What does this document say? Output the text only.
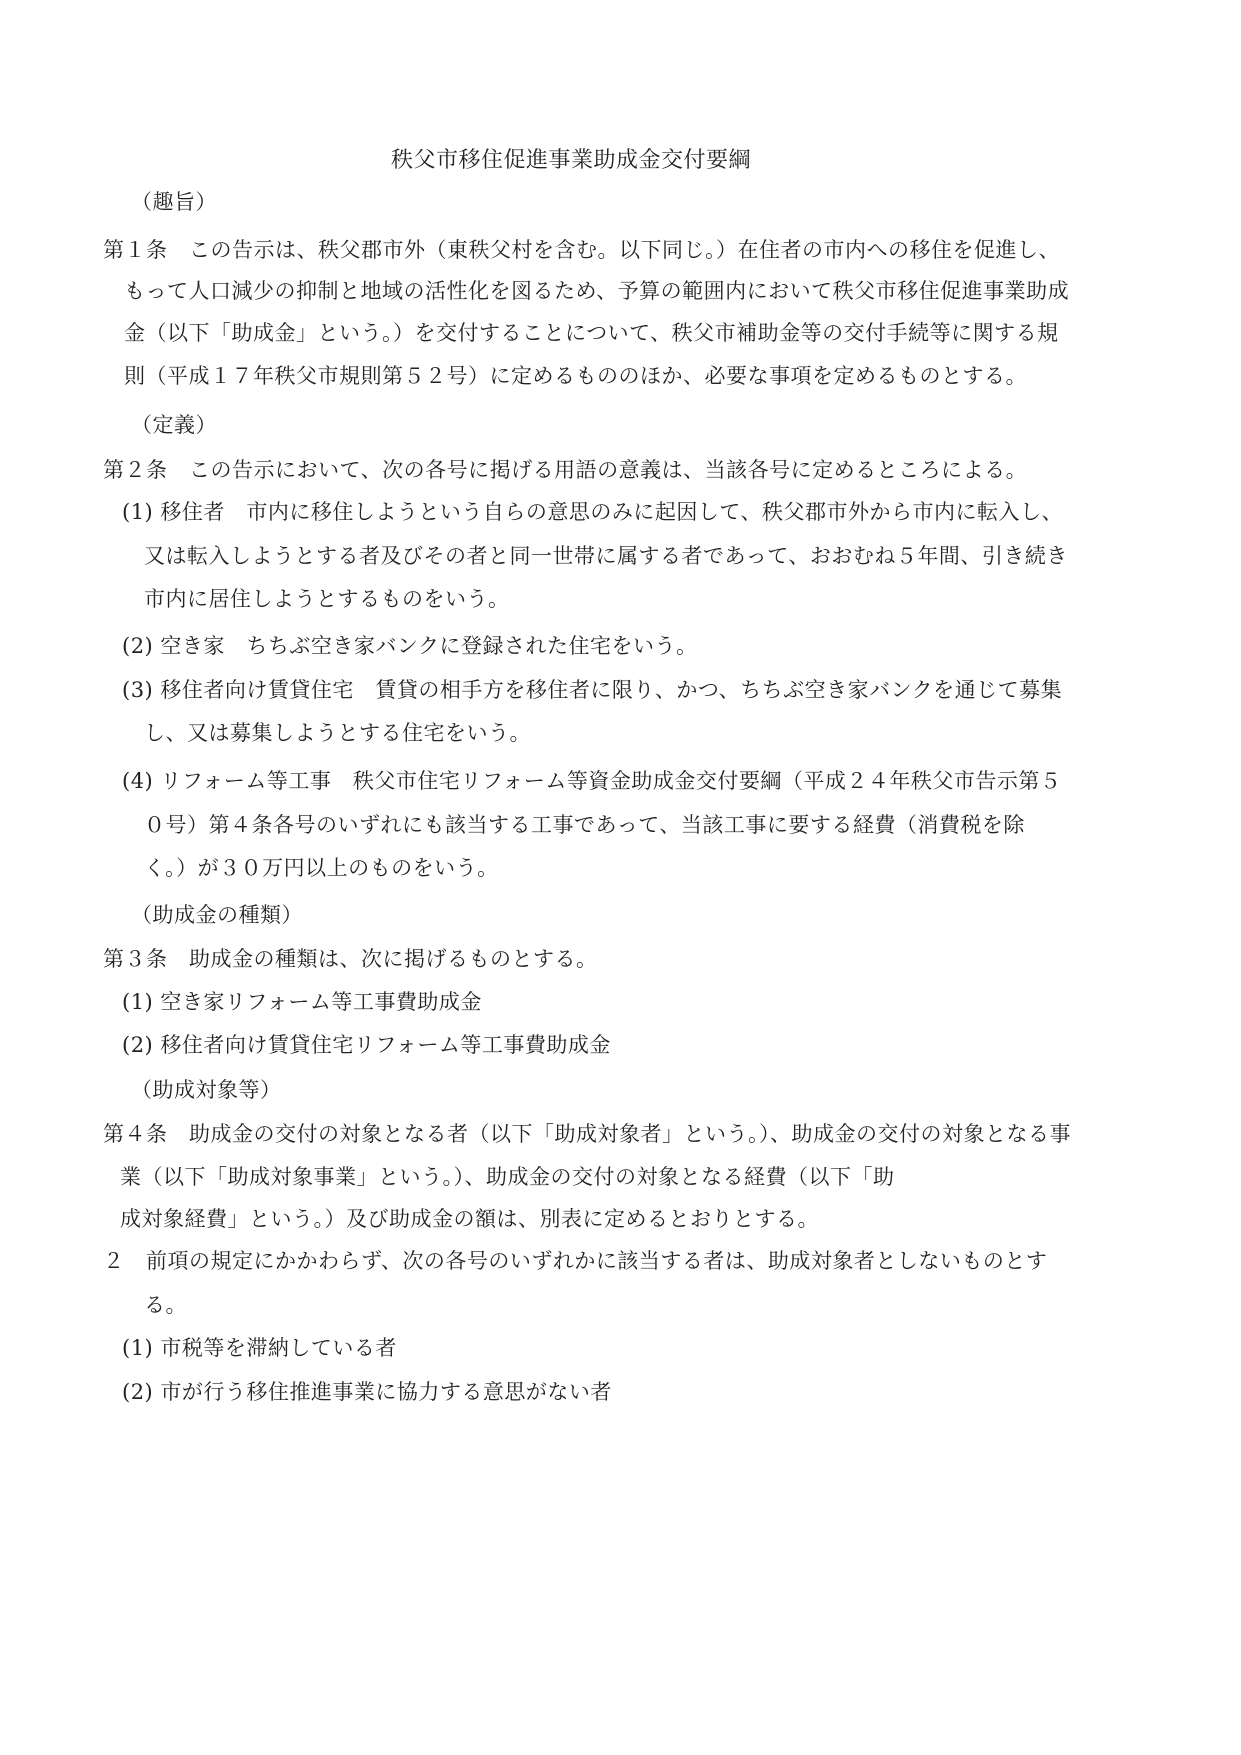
秩父市移住促進事業助成金交付要綱
（趣旨）
第１条　この告示は、秩父郡市外（東秩父村を含む。以下同じ。）在住者の市内への移住を促進し、
もって人口減少の抑制と地域の活性化を図るため、予算の範囲内において秩父市移住促進事業助成
金（以下「助成金」という。）を交付することについて、秩父市補助金等の交付手続等に関する規
則（平成１７年秩父市規則第５２号）に定めるもののほか、必要な事項を定めるものとする。
（定義）
第２条　この告示において、次の各号に掲げる用語の意義は、当該各号に定めるところによる。
(1) 移住者　市内に移住しようという自らの意思のみに起因して、秩父郡市外から市内に転入し、
又は転入しようとする者及びその者と同一世帯に属する者であって、おおむね５年間、引き続き
市内に居住しようとするものをいう。
(2) 空き家　ちちぶ空き家バンクに登録された住宅をいう。
(3) 移住者向け賃貸住宅　賃貸の相手方を移住者に限り、かつ、ちちぶ空き家バンクを通じて募集
し、又は募集しようとする住宅をいう。
(4) リフォーム等工事　秩父市住宅リフォーム等資金助成金交付要綱（平成２４年秩父市告示第５
０号）第４条各号のいずれにも該当する工事であって、当該工事に要する経費（消費税を除
く。）が３０万円以上のものをいう。
（助成金の種類）
第３条　助成金の種類は、次に掲げるものとする。
(1) 空き家リフォーム等工事費助成金
(2) 移住者向け賃貸住宅リフォーム等工事費助成金
（助成対象等）
第４条　助成金の交付の対象となる者（以下「助成対象者」という。）、助成金の交付の対象となる事
業（以下「助成対象事業」という。）、助成金の交付の対象となる経費（以下「助
成対象経費」という。）及び助成金の額は、別表に定めるとおりとする。
２　前項の規定にかかわらず、次の各号のいずれかに該当する者は、助成対象者としないものとす
る。
(1) 市税等を滞納している者
(2) 市が行う移住推進事業に協力する意思がない者
